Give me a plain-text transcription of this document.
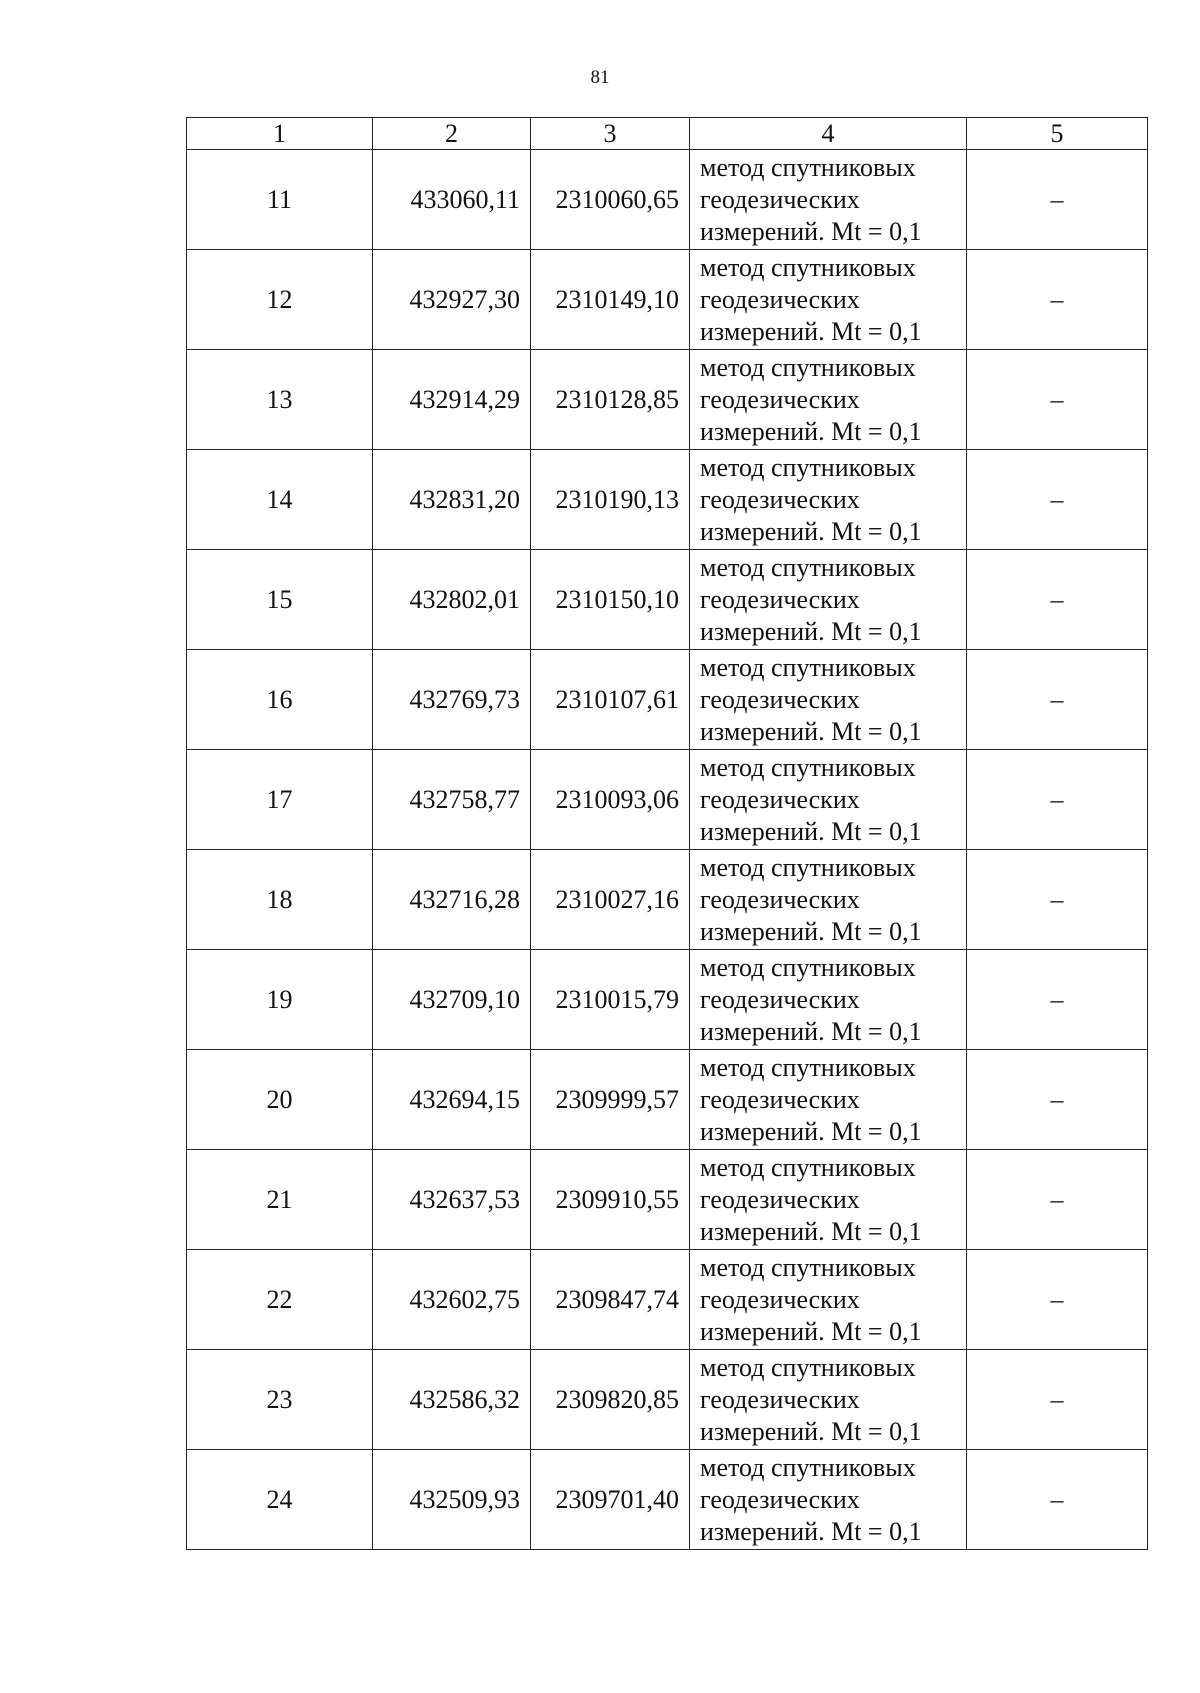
81
1	2	3	4	5
11	433060,11	2310060,65	метод спутниковых
геодезических
измерений. Mt = 0,1	–
12	432927,30	2310149,10	метод спутниковых
геодезических
измерений. Mt = 0,1	–
13	432914,29	2310128,85	метод спутниковых
геодезических
измерений. Mt = 0,1	–
14	432831,20	2310190,13	метод спутниковых
геодезических
измерений. Mt = 0,1	–
15	432802,01	2310150,10	метод спутниковых
геодезических
измерений. Mt = 0,1	–
16	432769,73	2310107,61	метод спутниковых
геодезических
измерений. Mt = 0,1	–
17	432758,77	2310093,06	метод спутниковых
геодезических
измерений. Mt = 0,1	–
18	432716,28	2310027,16	метод спутниковых
геодезических
измерений. Mt = 0,1	–
19	432709,10	2310015,79	метод спутниковых
геодезических
измерений. Mt = 0,1	–
20	432694,15	2309999,57	метод спутниковых
геодезических
измерений. Mt = 0,1	–
21	432637,53	2309910,55	метод спутниковых
геодезических
измерений. Mt = 0,1	–
22	432602,75	2309847,74	метод спутниковых
геодезических
измерений. Mt = 0,1	–
23	432586,32	2309820,85	метод спутниковых
геодезических
измерений. Mt = 0,1	–
24	432509,93	2309701,40	метод спутниковых
геодезических
измерений. Mt = 0,1	–
